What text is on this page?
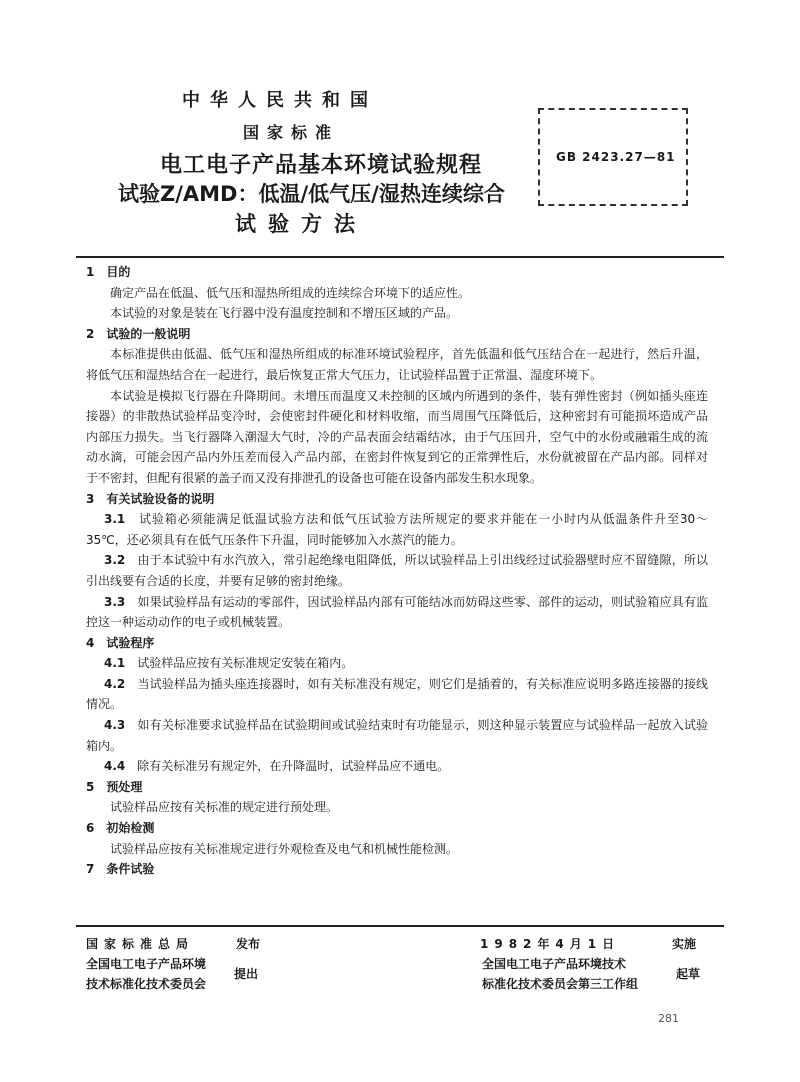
中华人民共和国
国家标准
电工电子产品基本环境试验规程
试验Z/AMD：低温/低气压/湿热连续综合
试验方法
GB 2423.27—81

1　目的

确定产品在低温、低气压和湿热所组成的连续综合环境下的适应性。

本试验的对象是装在飞行器中没有温度控制和不增压区域的产品。

2　试验的一般说明

本标准提供由低温、低气压和湿热所组成的标准环境试验程序，首先低温和低气压结合在一起进行，然后升温，将低气压和湿热结合在一起进行，最后恢复正常大气压力，让试验样品置于正常温、湿度环境下。

本试验是模拟飞行器在升降期间。未增压而温度又未控制的区域内所遇到的条件，装有弹性密封（例如插头座连接器）的非散热试验样品变冷时，会使密封件硬化和材料收缩，而当周围气压降低后，这种密封有可能损坏造成产品内部压力损失。当飞行器降入潮湿大气时，冷的产品表面会结霜结冰，由于气压回升，空气中的水份或融霜生成的流动水滴，可能会因产品内外压差而侵入产品内部，在密封件恢复到它的正常弹性后，水份就被留在产品内部。同样对于不密封，但配有很紧的盖子而又没有排泄孔的设备也可能在设备内部发生积水现象。

3　有关试验设备的说明

3.1　 试验箱必须能满足低温试验方法和低气压试验方法所规定的要求并能在一小时内从低温条件升至30～35℃，还必须具有在低气压条件下升温，同时能够加入水蒸汽的能力。

3.2　 由于本试验中有水汽放入，常引起绝缘电阻降低，所以试验样品上引出线经过试验器壁时应不留缝隙，所以引出线要有合适的长度，并要有足够的密封绝缘。

3.3　 如果试验样品有运动的零部件，因试验样品内部有可能结冰而妨碍这些零、部件的运动，则试验箱应具有监控这一种运动动作的电子或机械装置。

4　试验程序

4.1　 试验样品应按有关标准规定安装在箱内。

4.2　 当试验样品为插头座连接器时，如有关标准没有规定，则它们是插着的，有关标准应说明多路连接器的接线情况。

4.3　 如有关标准要求试验样品在试验期间或试验结束时有功能显示，则这种显示装置应与试验样品一起放入试验箱内。

4.4　 除有关标准另有规定外，在升降温时，试验样品应不通电。

5　预处理

试验样品应按有关标准的规定进行预处理。

6　初始检测

试验样品应按有关标准规定进行外观检查及电气和机械性能检测。

7　条件试验

国家标准总局	发布
全国电工电子产品环境
技术标准化技术委员会
提出
1982年4月1日	实施
全国电工电子产品环境技术
标准化技术委员会第三工作组
起草
281
